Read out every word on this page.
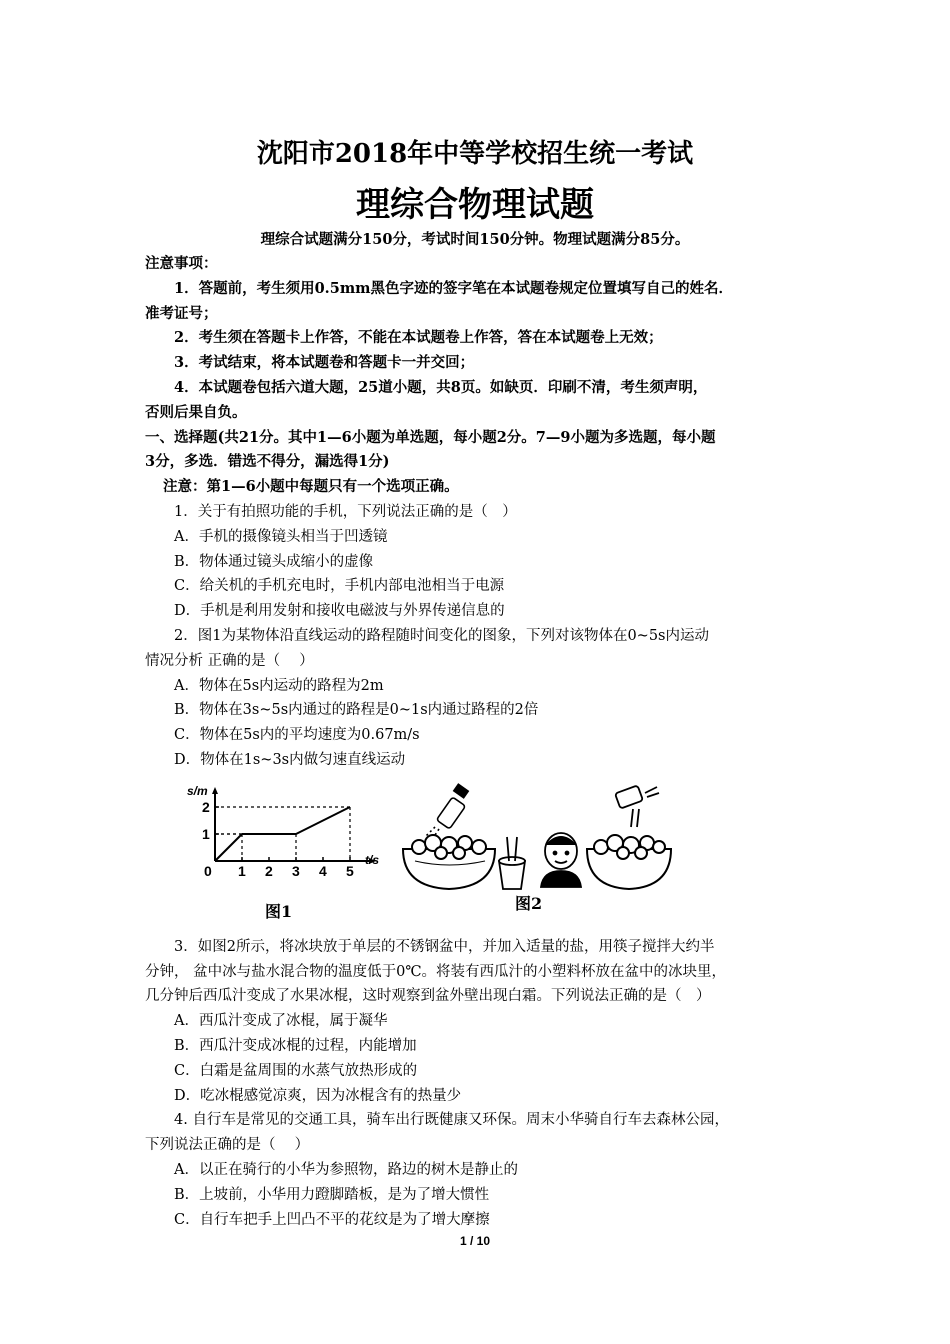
沈阳市2018年中等学校招生统一考试
理综合物理试题
理综合试题满分150分，考试时间150分钟。物理试题满分85分。

注意事项：

1．答题前，考生须用0.5mm黑色字迹的签字笔在本试题卷规定位置填写自己的姓名．

准考证号；

2．考生须在答题卡上作答，不能在本试题卷上作答，答在本试题卷上无效；

3．考试结束，将本试题卷和答题卡一并交回；

4．本试题卷包括六道大题，25道小题，共8页。如缺页．印刷不清，考生须声明，

否则后果自负。

一、选择题(共21分。其中1—6小题为单选题，每小题2分。7—9小题为多选题，每小题

3分，多选．错选不得分，漏选得1分)

注意：第1—6小题中每题只有一个选项正确。

1．关于有拍照功能的手机，下列说法正确的是（　）

A．手机的摄像镜头相当于凹透镜

B．物体通过镜头成缩小的虚像

C．给关机的手机充电时，手机内部电池相当于电源

D．手机是利用发射和接收电磁波与外界传递信息的

2．图1为某物体沿直线运动的路程随时间变化的图象，下列对该物体在0~5s内运动

情况分析 正确的是（　 ）

A．物体在5s内运动的路程为2m

B．物体在3s~5s内通过的路程是0~1s内通过路程的2倍

C．物体在5s内的平均速度为0.67m/s

D．物体在1s~3s内做匀速直线运动

0 1 2 3 4 5
1
2
s/m
t/s
图1	图2

3．如图2所示，将冰块放于单层的不锈钢盆中，并加入适量的盐，用筷子搅拌大约半

分钟， 盆中冰与盐水混合物的温度低于0℃。将装有西瓜汁的小塑料杯放在盆中的冰块里，

几分钟后西瓜汁变成了水果冰棍，这时观察到盆外壁出现白霜。下列说法正确的是（　）

A．西瓜汁变成了冰棍，属于凝华

B．西瓜汁变成冰棍的过程，内能增加

C．白霜是盆周围的水蒸气放热形成的

D．吃冰棍感觉凉爽，因为冰棍含有的热量少

4. 自行车是常见的交通工具，骑车出行既健康又环保。周末小华骑自行车去森林公园，

下列说法正确的是（　 ）

A．以正在骑行的小华为参照物，路边的树木是静止的

B．上坡前，小华用力蹬脚踏板，是为了增大惯性

C．自行车把手上凹凸不平的花纹是为了增大摩擦

1 / 10
